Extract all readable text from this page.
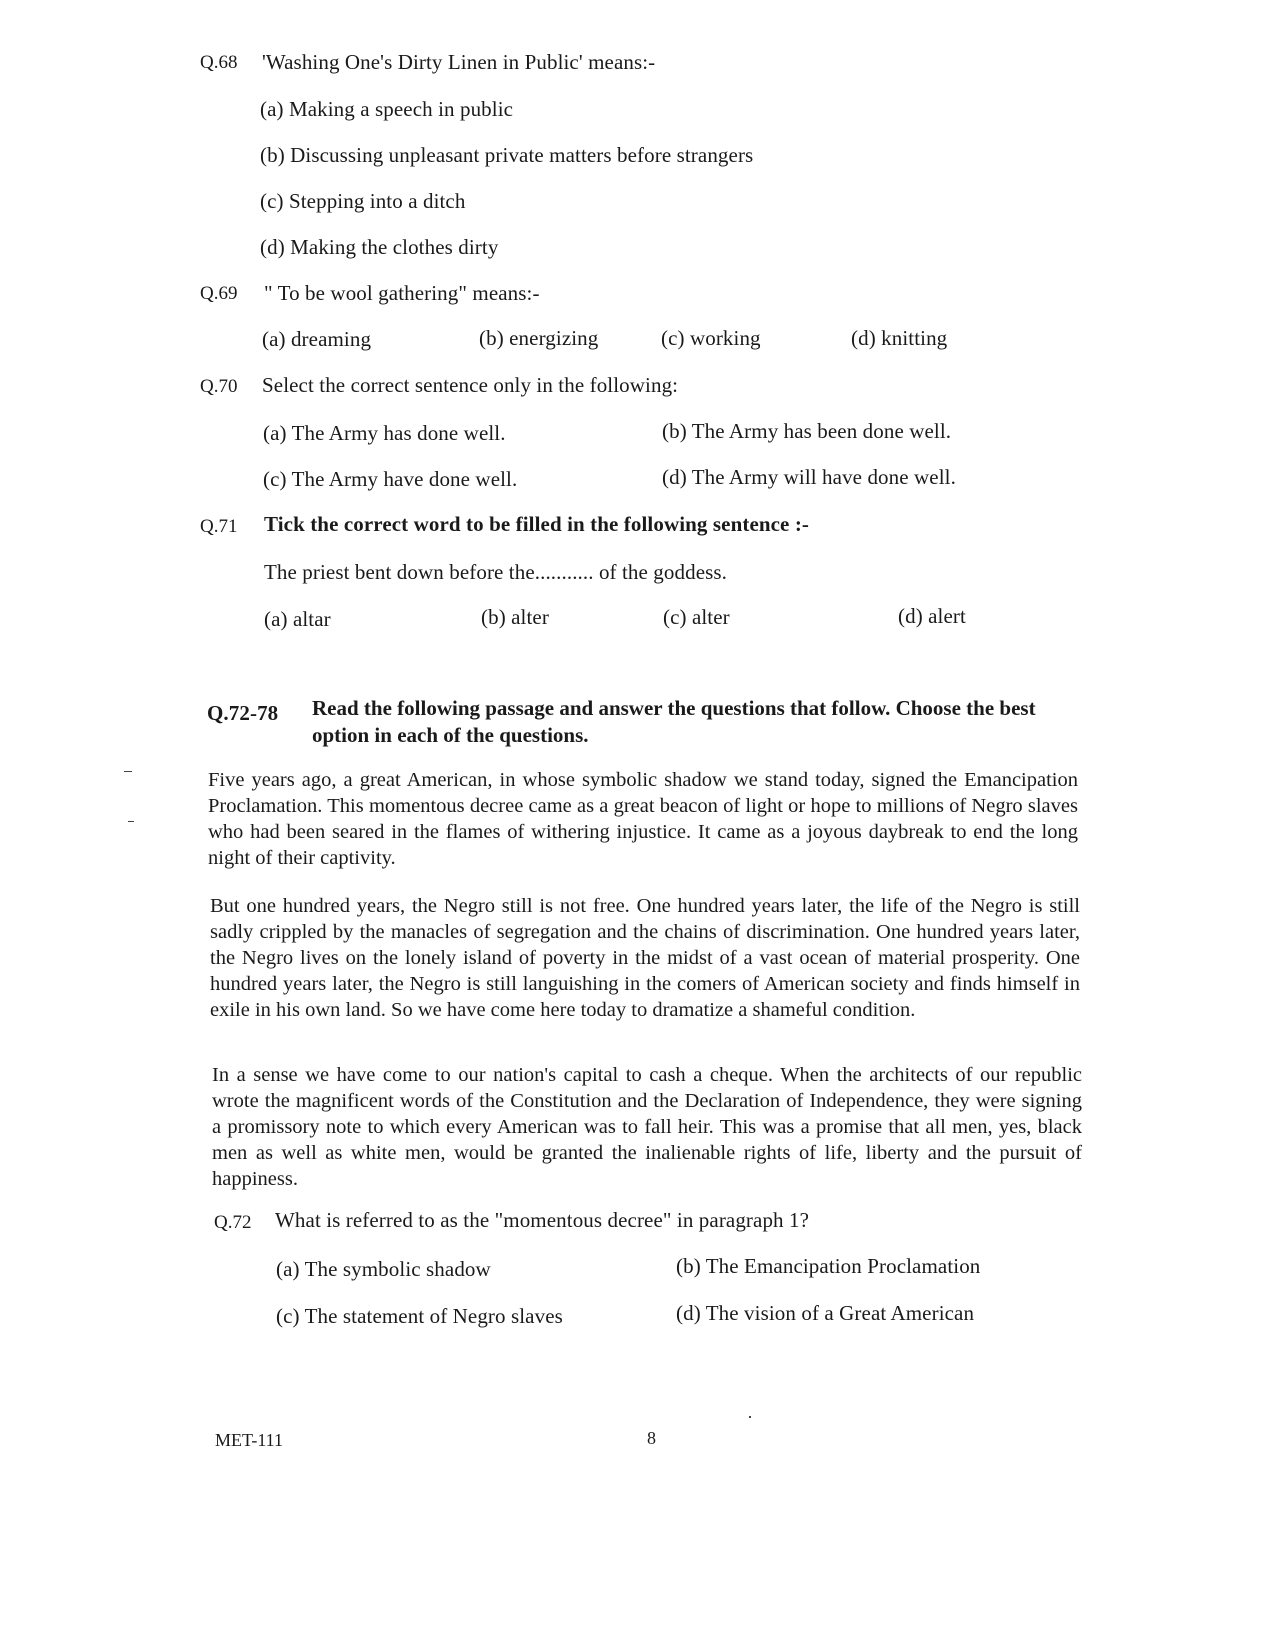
Q.68 'Washing One's Dirty Linen in Public' means:-
(a) Making a speech in public
(b) Discussing unpleasant private matters before strangers
(c) Stepping into a ditch
(d) Making the clothes dirty
Q.69 " To be wool gathering" means:-
(a) dreaming	(b) energizing	(c) working	(d) knitting
Q.70 Select the correct sentence only in the following:
(a) The Army has done well.	(b) The Army has been done well.
(c) The Army have done well.	(d) The Army will have done well.
Q.71 Tick the correct word to be filled in the following sentence :-
The priest bent down before the........... of the goddess.
(a) altar	(b) alter	(c) alter	(d) alert
Q.72-78 Read the following passage and answer the questions that follow. Choose the best option in each of the questions.
Five years ago, a great American, in whose symbolic shadow we stand today, signed the Emancipation Proclamation. This momentous decree came as a great beacon of light or hope to millions of Negro slaves who had been seared in the flames of withering injustice. It came as a joyous daybreak to end the long night of their captivity.
But one hundred years, the Negro still is not free. One hundred years later, the life of the Negro is still sadly crippled by the manacles of segregation and the chains of discrimination. One hundred years later, the Negro lives on the lonely island of poverty in the midst of a vast ocean of material prosperity. One hundred years later, the Negro is still languishing in the comers of American society and finds himself in exile in his own land. So we have come here today to dramatize a shameful condition.
In a sense we have come to our nation's capital to cash a cheque. When the architects of our republic wrote the magnificent words of the Constitution and the Declaration of Independence, they were signing a promissory note to which every American was to fall heir. This was a promise that all men, yes, black men as well as white men, would be granted the inalienable rights of life, liberty and the pursuit of happiness.
Q.72 What is referred to as the "momentous decree" in paragraph 1?
(a) The symbolic shadow	(b) The Emancipation Proclamation
(c) The statement of Negro slaves	(d) The vision of a Great American
MET-111	8
